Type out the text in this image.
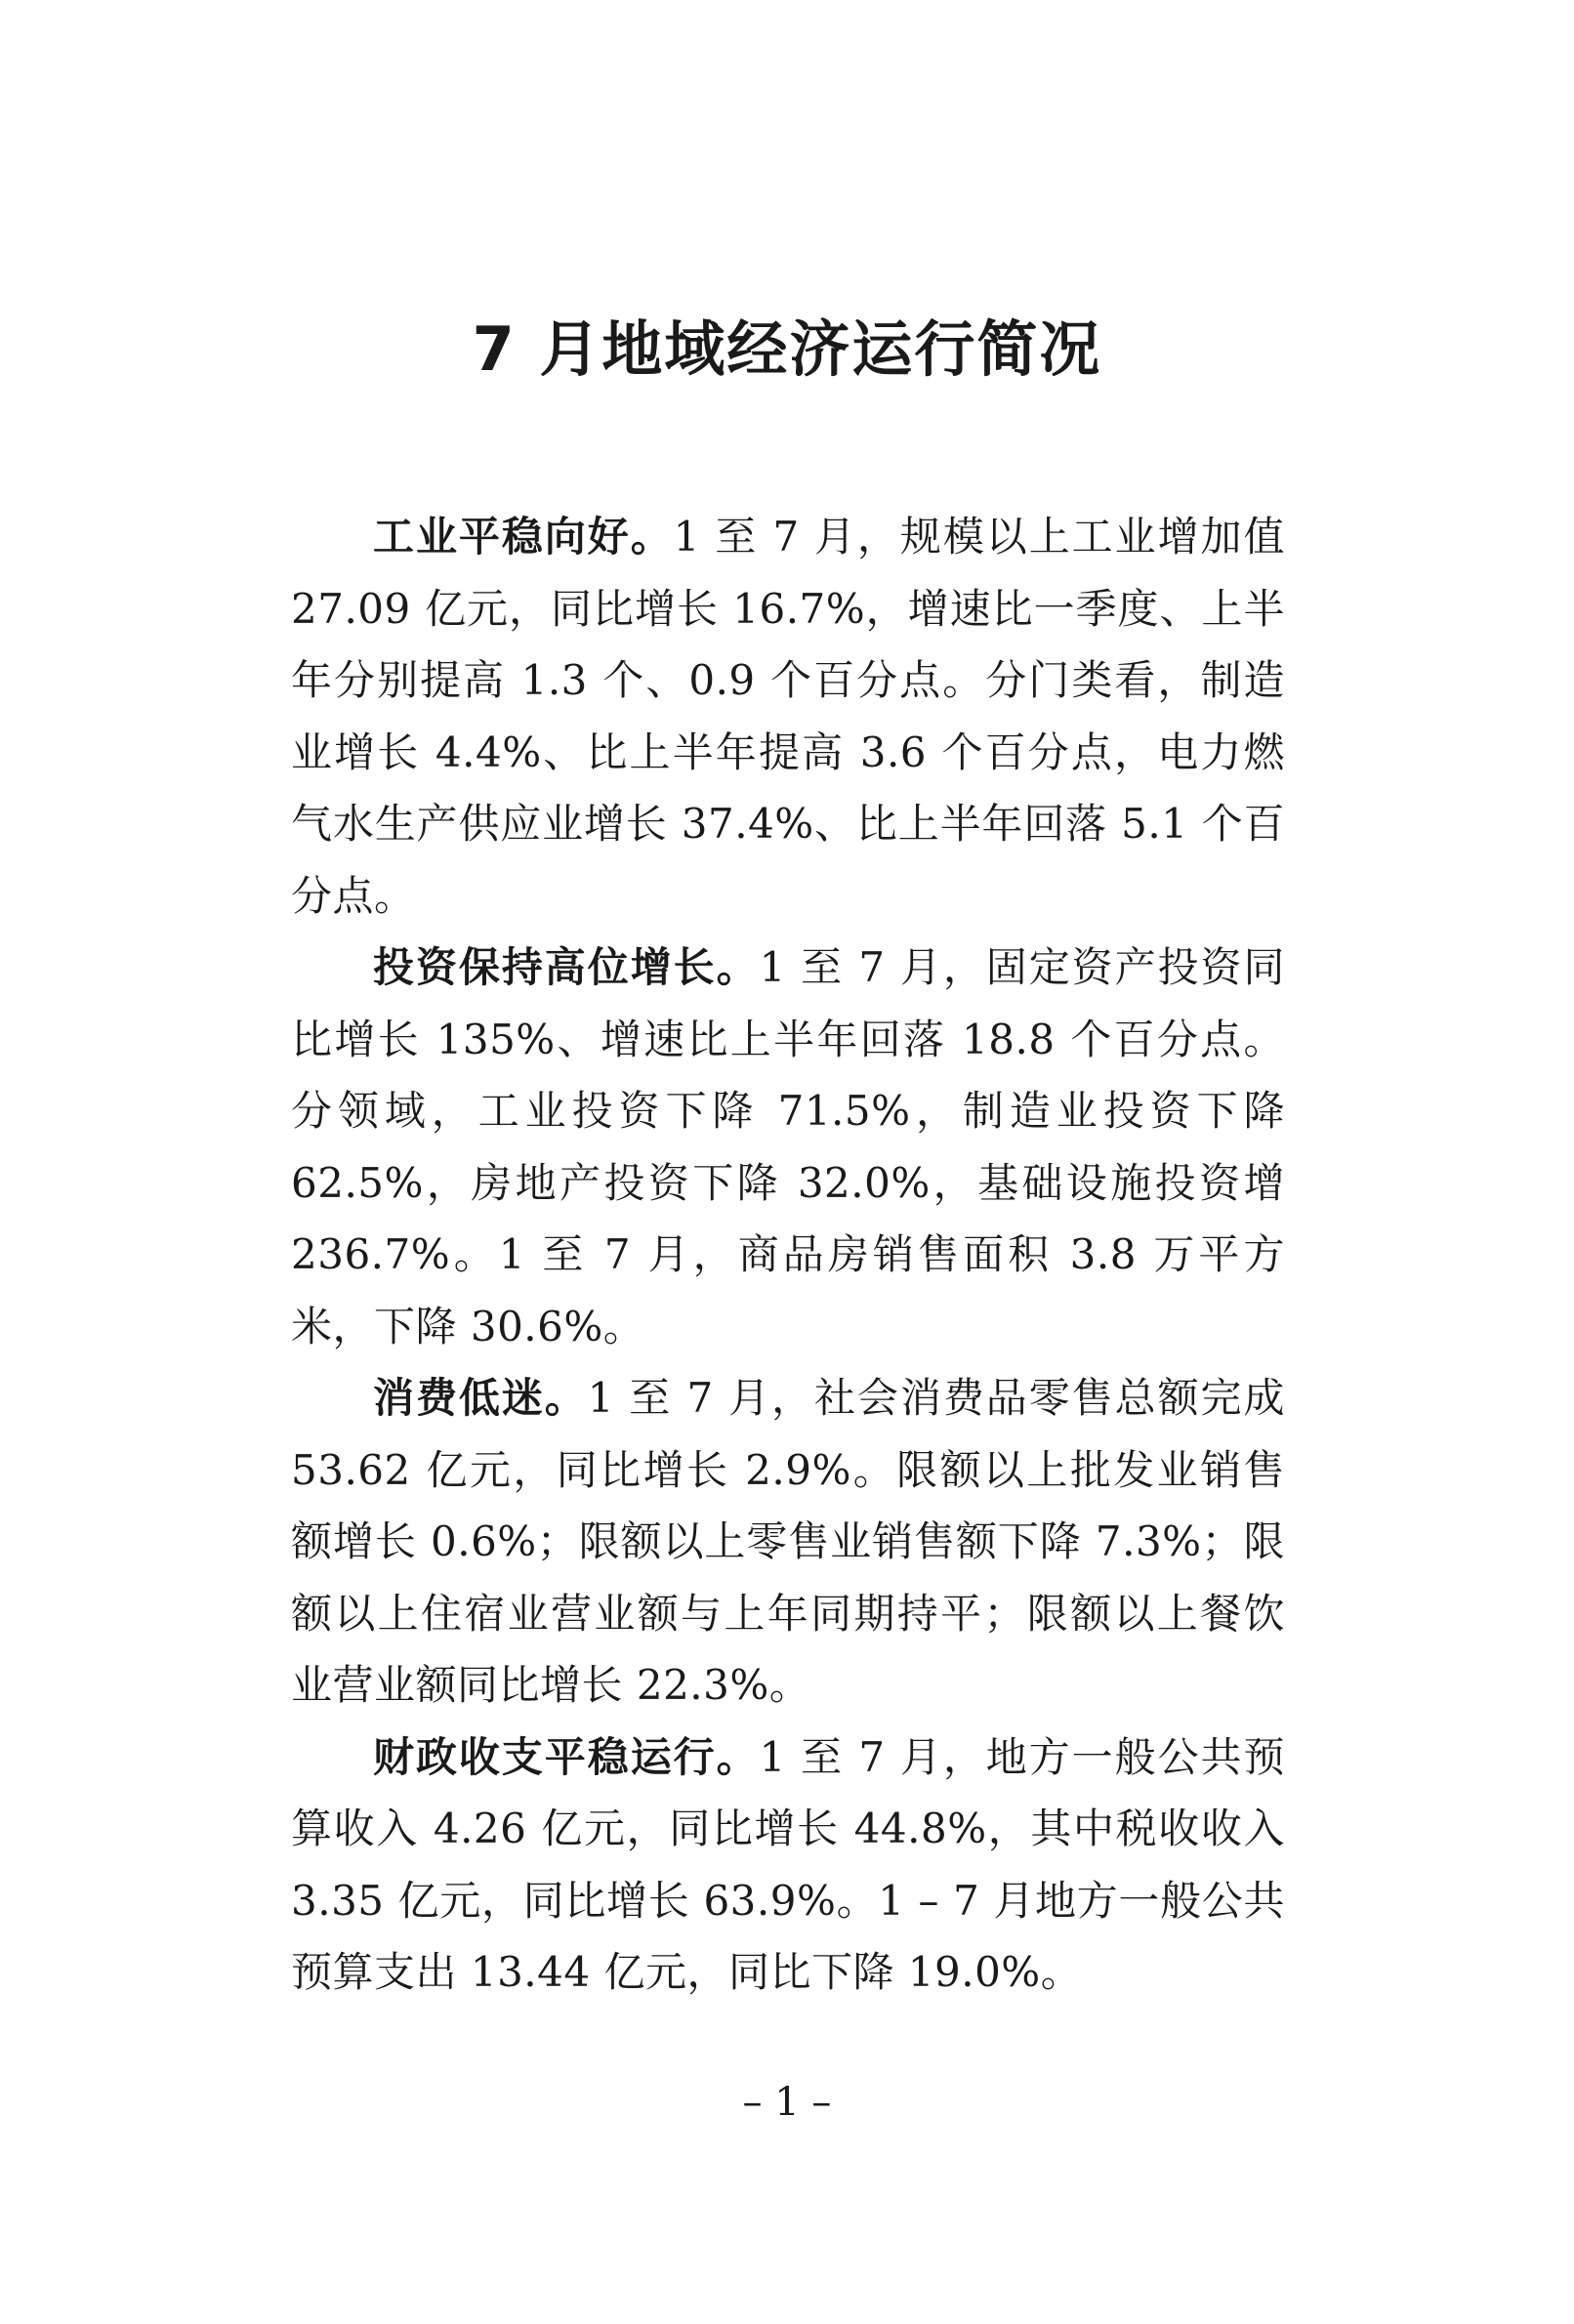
7 月地域经济运行简况

工业平稳向好。1 至 7 月，规模以上工业增加值 27.09 亿元，同比增长 16.7%，增速比一季度、上半年分别提高 1.3 个、0.9 个百分点。分门类看，制造业增长 4.4%、比上半年提高 3.6 个百分点，电力燃气水生产供应业增长 37.4%、比上半年回落 5.1 个百分点。

投资保持高位增长。1 至 7 月，固定资产投资同比增长 135%、增速比上半年回落 18.8 个百分点。分领域，工业投资下降 71.5%，制造业投资下降 62.5%，房地产投资下降 32.0%，基础设施投资增 236.7%。1 至 7 月，商品房销售面积 3.8 万平方米，下降 30.6%。

消费低迷。1 至 7 月，社会消费品零售总额完成 53.62 亿元，同比增长 2.9%。限额以上批发业销售额增长 0.6%；限额以上零售业销售额下降 7.3%；限额以上住宿业营业额与上年同期持平；限额以上餐饮业营业额同比增长 22.3%。

财政收支平稳运行。1 至 7 月，地方一般公共预算收入 4.26 亿元，同比增长 44.8%，其中税收收入 3.35 亿元，同比增长 63.9%。1 – 7 月地方一般公共预算支出 13.44 亿元，同比下降 19.0%。

– 1 –
